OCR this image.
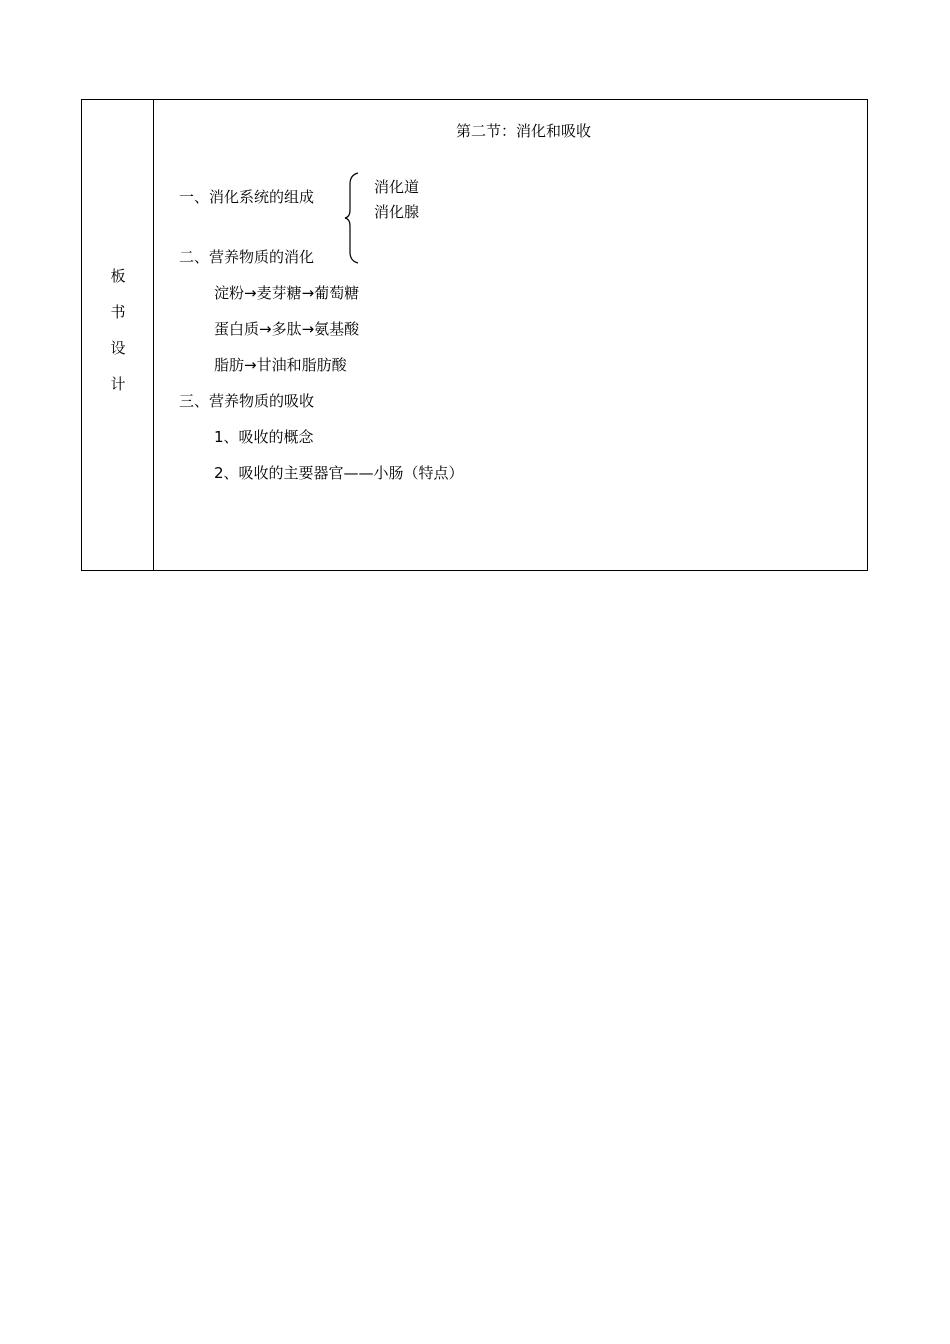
板
书
设
计
第二节：消化和吸收
一、消化系统的组成
消化道
消化腺
二、营养物质的消化
淀粉→麦芽糖→葡萄糖
蛋白质→多肽→氨基酸
脂肪→甘油和脂肪酸
三、营养物质的吸收
1、吸收的概念
2、吸收的主要器官——小肠（特点）
